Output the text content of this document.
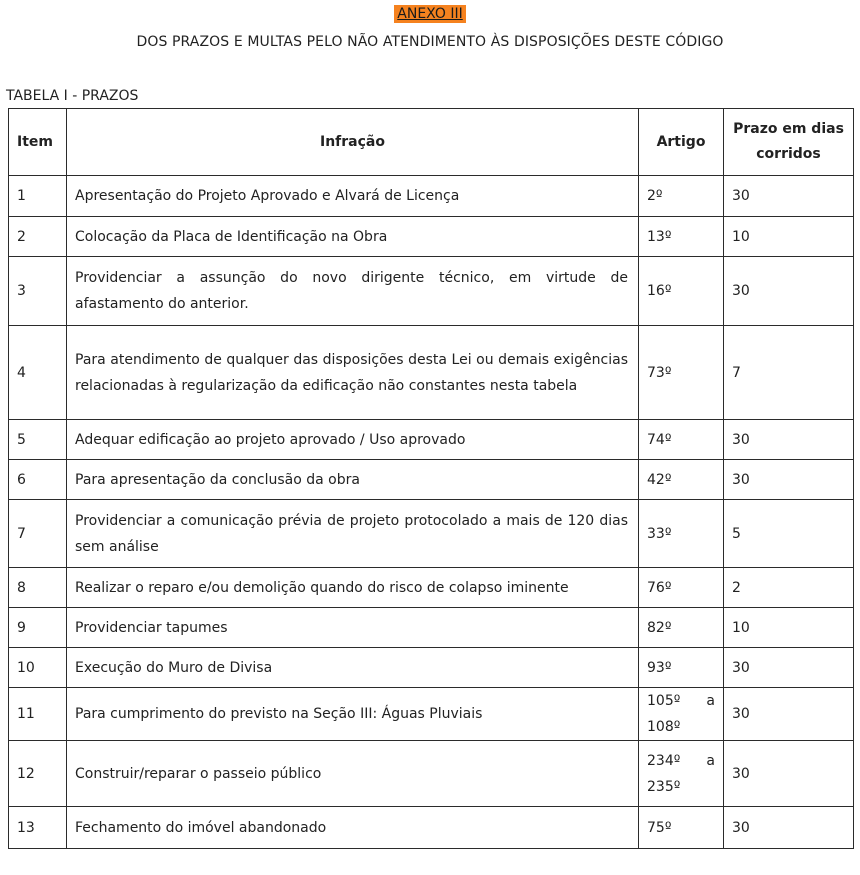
ANEXO III
DOS PRAZOS E MULTAS PELO NÃO ATENDIMENTO ÀS DISPOSIÇÕES DESTE CÓDIGO
TABELA I - PRAZOS
Item	Infração	Artigo	Prazo em dias corridos
1	Apresentação do Projeto Aprovado e Alvará de Licença	2º	30
2	Colocação da Placa de Identificação na Obra	13º	10
3	Providenciar a assunção do novo dirigente técnico, em virtude de afastamento do anterior.	16º	30
4	Para atendimento de qualquer das disposições desta Lei ou demais exigências relacionadas à regularização da edificação não constantes nesta tabela	73º	7
5	Adequar edificação ao projeto aprovado / Uso aprovado	74º	30
6	Para apresentação da conclusão da obra	42º	30
7	Providenciar a comunicação prévia de projeto protocolado a mais de 120 dias sem análise	33º	5
8	Realizar o reparo e/ou demolição quando do risco de colapso iminente	76º	2
9	Providenciar tapumes	82º	10
10	Execução do Muro de Divisa	93º	30
11	Para cumprimento do previsto na Seção III: Águas Pluviais	105º a 108º	30
12	Construir/reparar o passeio público	234º a 235º	30
13	Fechamento do imóvel abandonado	75º	30
